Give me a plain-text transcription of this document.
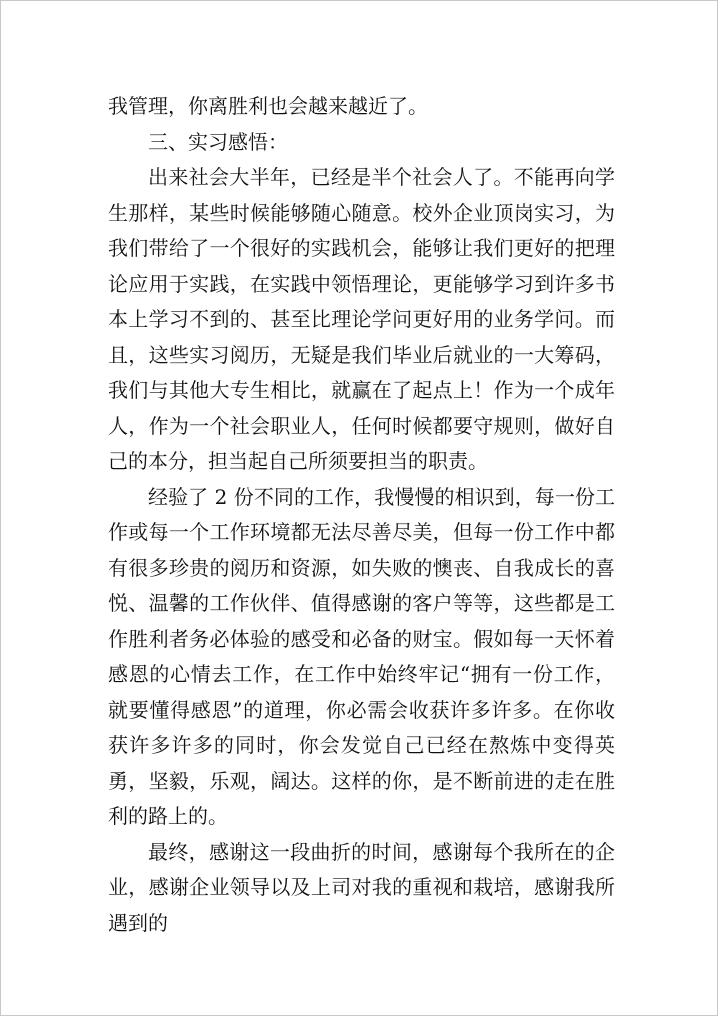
我管理，你离胜利也会越来越近了。

三、实习感悟：

出来社会大半年，已经是半个社会人了。不能再向学生那样，某些时候能够随心随意。校外企业顶岗实习，为我们带给了一个很好的实践机会，能够让我们更好的把理论应用于实践，在实践中领悟理论，更能够学习到许多书本上学习不到的、甚至比理论学问更好用的业务学问。而且，这些实习阅历，无疑是我们毕业后就业的一大筹码，我们与其他大专生相比，就赢在了起点上！作为一个成年人，作为一个社会职业人，任何时候都要守规则，做好自己的本分，担当起自己所须要担当的职责。

经验了 2 份不同的工作，我慢慢的相识到，每一份工作或每一个工作环境都无法尽善尽美，但每一份工作中都有很多珍贵的阅历和资源，如失败的懊丧、自我成长的喜悦、温馨的工作伙伴、值得感谢的客户等等，这些都是工作胜利者务必体验的感受和必备的财宝。假如每一天怀着感恩的心情去工作，在工作中始终牢记“拥有一份工作，就要懂得感恩”的道理，你必需会收获许多许多。在你收获许多许多的同时，你会发觉自己已经在熬炼中变得英勇，坚毅，乐观，阔达。这样的你，是不断前进的走在胜利的路上的。

最终，感谢这一段曲折的时间，感谢每个我所在的企业，感谢企业领导以及上司对我的重视和栽培，感谢我所遇到的
